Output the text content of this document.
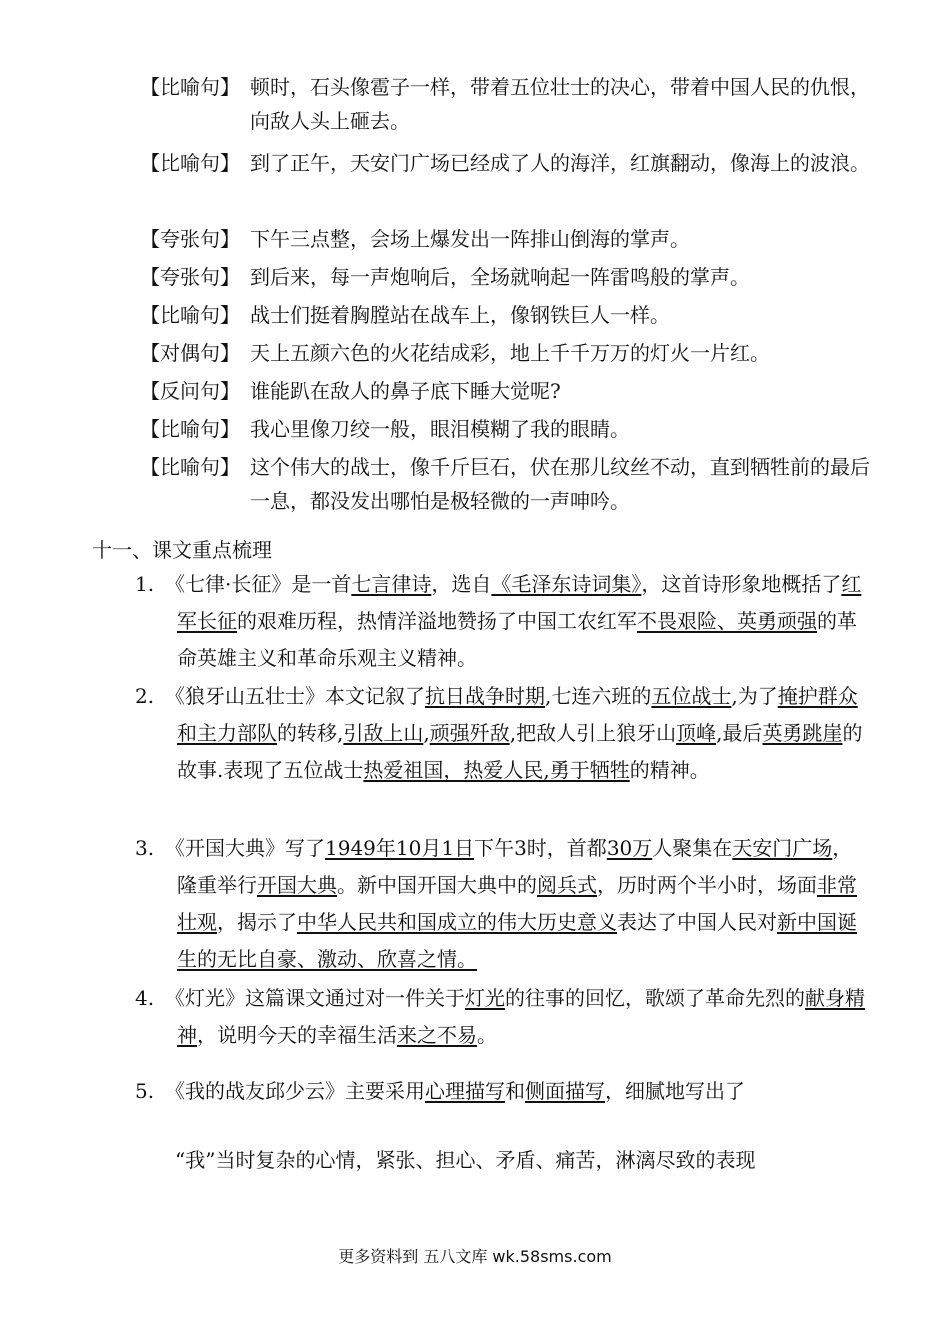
【比喻句】 顿时，石头像雹子一样，带着五位壮士的决心，带着中国人民的仇恨，向敌人头上砸去。
【比喻句】 到了正午，天安门广场已经成了人的海洋，红旗翻动，像海上的波浪。
【夸张句】 下午三点整，会场上爆发出一阵排山倒海的掌声。
【夸张句】 到后来，每一声炮响后，全场就响起一阵雷鸣般的掌声。
【比喻句】 战士们挺着胸膛站在战车上，像钢铁巨人一样。
【对偶句】 天上五颜六色的火花结成彩，地上千千万万的灯火一片红。
【反问句】 谁能趴在敌人的鼻子底下睡大觉呢?
【比喻句】 我心里像刀绞一般，眼泪模糊了我的眼睛。
【比喻句】 这个伟大的战士，像千斤巨石，伏在那儿纹丝不动，直到牺牲前的最后一息，都没发出哪怕是极轻微的一声呻吟。
十一、课文重点梳理
1. 《七律·长征》是一首七言律诗，选自《毛泽东诗词集》，这首诗形象地概括了红军长征的艰难历程，热情洋溢地赞扬了中国工农红军不畏艰险、英勇顽强的革命英雄主义和革命乐观主义精神。
2. 《狼牙山五壮士》本文记叙了抗日战争时期,七连六班的五位战士,为了掩护群众和主力部队的转移,引敌上山,顽强歼敌,把敌人引上狼牙山顶峰,最后英勇跳崖的故事.表现了五位战士热爱祖国，热爱人民,勇于牺牲的精神。
3. 《开国大典》写了1949年10月1日下午3时，首都30万人聚集在天安门广场，隆重举行开国大典。新中国开国大典中的阅兵式，历时两个半小时，场面非常壮观，揭示了中华人民共和国成立的伟大历史意义表达了中国人民对新中国诞生的无比自豪、激动、欣喜之情。
4. 《灯光》这篇课文通过对一件关于灯光的往事的回忆，歌颂了革命先烈的献身精神，说明今天的幸福生活来之不易。
5. 《我的战友邱少云》主要采用心理描写和侧面描写，细腻地写出了
“我”当时复杂的心情，紧张、担心、矛盾、痛苦，淋漓尽致的表现
更多资料到 五八文库 wk.58sms.com
